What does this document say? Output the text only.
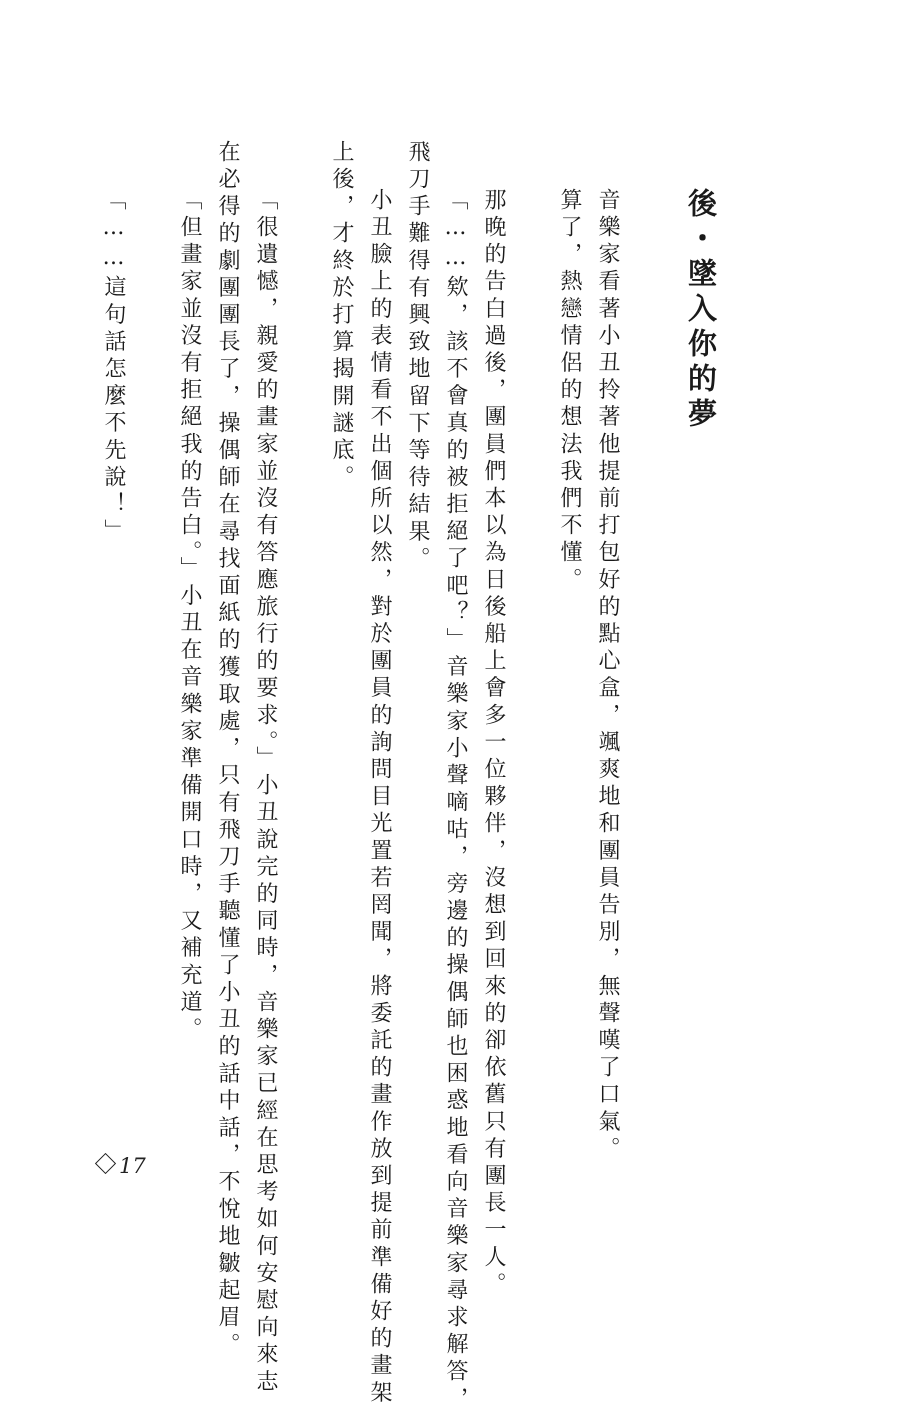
後・墜入你的夢
音樂家看著小丑拎著他提前打包好的點心盒，颯爽地和團員告別，無聲嘆了口氣。
算了，熱戀情侶的想法我們不懂。
那晚的告白過後，團員們本以為日後船上會多一位夥伴，沒想到回來的卻依舊只有團長一人。
「……欸，該不會真的被拒絕了吧？」音樂家小聲嘀咕，旁邊的操偶師也困惑地看向音樂家尋求解答，
飛刀手難得有興致地留下等待結果。
小丑臉上的表情看不出個所以然，對於團員的詢問目光置若罔聞，將委託的畫作放到提前準備好的畫架
上後，才終於打算揭開謎底。
「很遺憾，親愛的畫家並沒有答應旅行的要求。」小丑說完的同時，音樂家已經在思考如何安慰向來志
在必得的劇團團長了，操偶師在尋找面紙的獲取處，只有飛刀手聽懂了小丑的話中話，不悅地皺起眉。
「但畫家並沒有拒絕我的告白。」小丑在音樂家準備開口時，又補充道。
「……這句話怎麼不先說！」
17
